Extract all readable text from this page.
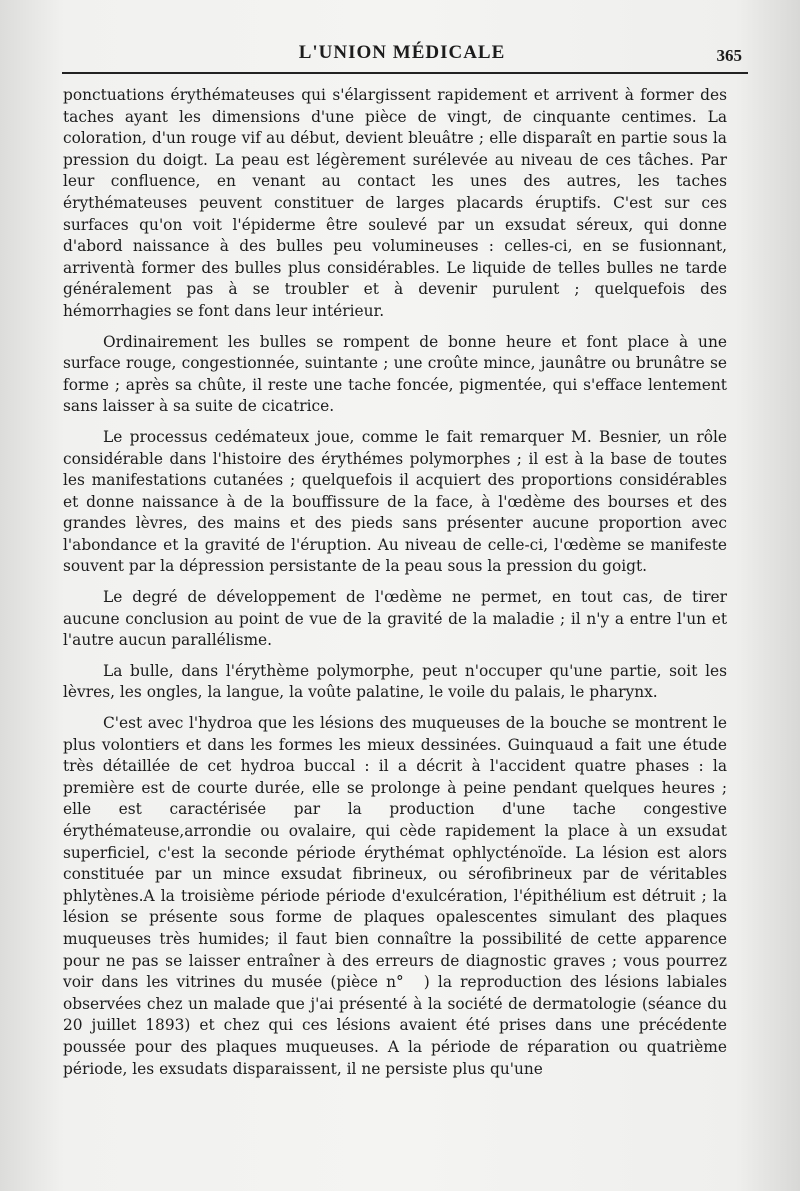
L'UNION MÉDICALE	365

ponctuations érythémateuses qui s'élargissent rapidement et arrivent à former des taches ayant les dimensions d'une pièce de vingt, de cinquante centimes. La coloration, d'un rouge vif au début, devient bleuâtre ; elle disparaît en partie sous la pression du doigt. La peau est légèrement surélevée au niveau de ces tâches. Par leur confluence, en venant au contact les unes des autres, les taches érythémateuses peuvent constituer de larges placards éruptifs. C'est sur ces surfaces qu'on voit l'épiderme être soulevé par un exsudat séreux, qui donne d'abord naissance à des bulles peu volumineuses : celles-ci, en se fusionnant, arriventà former des bulles plus considérables. Le liquide de telles bulles ne tarde généralement pas à se troubler et à devenir purulent ; quelquefois des hémorrhagies se font dans leur intérieur.

Ordinairement les bulles se rompent de bonne heure et font place à une surface rouge, congestionnée, suintante ; une croûte mince, jaunâtre ou brunâtre se forme ; après sa chûte, il reste une tache foncée, pigmentée, qui s'efface lentement sans laisser à sa suite de cicatrice.

Le processus cedémateux joue, comme le fait remarquer M. Besnier, un rôle considérable dans l'histoire des érythémes polymorphes ; il est à la base de toutes les manifestations cutanées ; quelquefois il acquiert des proportions considérables et donne naissance à de la bouffissure de la face, à l'œdème des bourses et des grandes lèvres, des mains et des pieds sans présenter aucune proportion avec l'abondance et la gravité de l'éruption. Au niveau de celle-ci, l'œdème se manifeste souvent par la dépression persistante de la peau sous la pression du goigt.

Le degré de développement de l'œdème ne permet, en tout cas, de tirer aucune conclusion au point de vue de la gravité de la maladie ; il n'y a entre l'un et l'autre aucun parallélisme.

La bulle, dans l'érythème polymorphe, peut n'occuper qu'une partie, soit les lèvres, les ongles, la langue, la voûte palatine, le voile du palais, le pharynx.

C'est avec l'hydroa que les lésions des muqueuses de la bouche se montrent le plus volontiers et dans les formes les mieux dessinées. Guinquaud a fait une étude très détaillée de cet hydroa buccal : il a décrit à l'accident quatre phases : la première est de courte durée, elle se prolonge à peine pendant quelques heures ; elle est caractérisée par la production d'une tache congestive érythémateuse,arrondie ou ovalaire, qui cède rapidement la place à un exsudat superficiel, c'est la seconde période érythémat ophlycténoïde. La lésion est alors constituée par un mince exsudat fibrineux, ou sérofibrineux par de véritables phlytènes.A la troisième période période d'exulcération, l'épithélium est détruit ; la lésion se présente sous forme de plaques opalescentes simulant des plaques muqueuses très humides; il faut bien connaître la possibilité de cette apparence pour ne pas se laisser entraîner à des erreurs de diagnostic graves ; vous pourrez voir dans les vitrines du musée (pièce n° ) la reproduction des lésions labiales observées chez un malade que j'ai présenté à la société de dermatologie (séance du 20 juillet 1893) et chez qui ces lésions avaient été prises dans une précédente poussée pour des plaques muqueuses. A la période de réparation ou quatrième période, les exsudats disparaissent, il ne persiste plus qu'une
